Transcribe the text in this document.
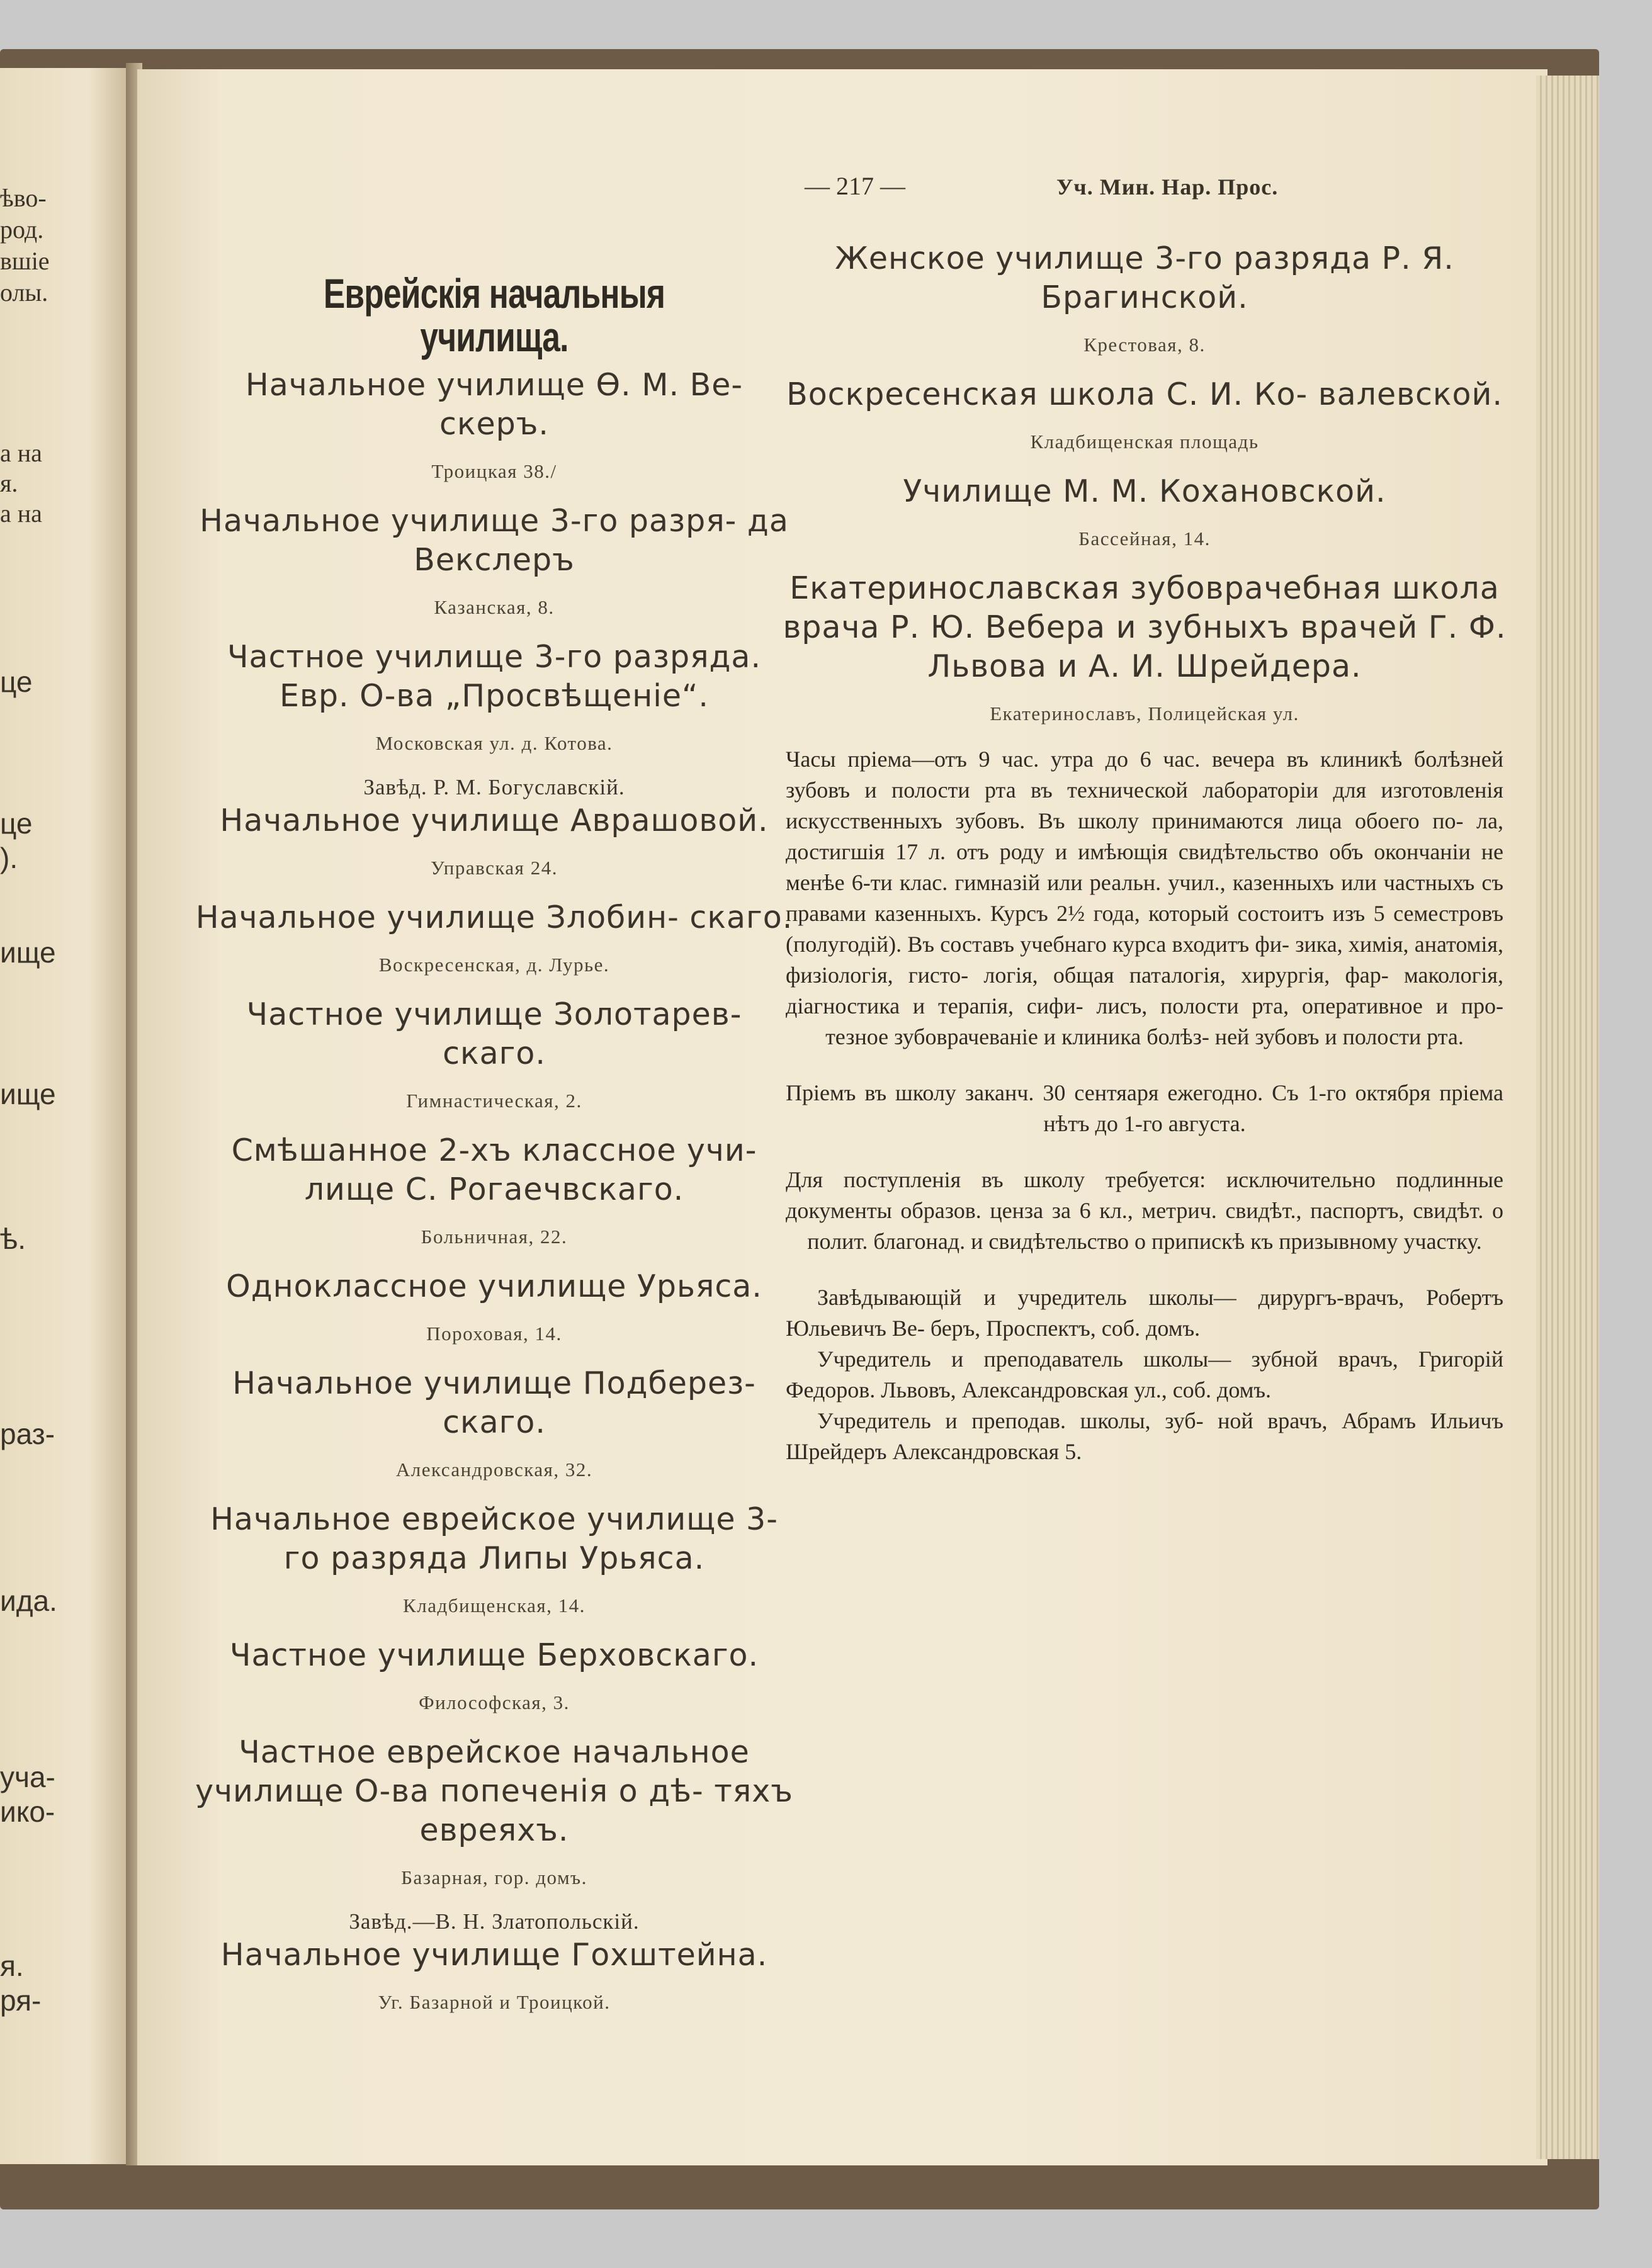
ѣво-
род.
вшіе
олы.
а на
я.
а на
це
це
).
ище
ище
ѣ.
раз-
ида.
уча-
ико-
я.
ря-
— 217 —	Уч. Мин. Нар. Прос.
Еврейскія начальныя училища.
Начальное училище Ѳ. М. Ве- скеръ.
Троицкая 38./
Начальное училище 3-го разря- да Векслеръ
Казанская, 8.
Частное училище 3-го разряда. Евр. О-ва „Просвѣщеніе“.
Московская ул. д. Котова.
Завѣд. Р. М. Богуславскій.
Начальное училище Аврашовой.
Управская 24.
Начальное училище Злобин- скаго.
Воскресенская, д. Лурье.
Частное училище Золотарев- скаго.
Гимнастическая, 2.
Смѣшанное 2-хъ классное учи- лище С. Рогаечвскаго.
Больничная, 22.
Одноклассное училище Урьяса.
Пороховая, 14.
Начальное училище Подберез- скаго.
Александровская, 32.
Начальное еврейское училище 3-го разряда Липы Урьяса.
Кладбищенская, 14.
Частное училище Берховскаго.
Философская, 3.
Частное еврейское начальное училище О-ва попеченія о дѣ- тяхъ евреяхъ.
Базарная, гор. домъ.
Завѣд.—В. Н. Златопольскій.
Начальное училище Гохштейна.
Уг. Базарной и Троицкой.
Женское училище 3-го разряда Р. Я. Брагинской.
Крестовая, 8.
Воскресенская школа С. И. Ко- валевской.
Кладбищенская площадь
Училище М. М. Кохановской.
Бассейная, 14.
Екатеринославская зубоврачебная школа врача Р. Ю. Вебера и зубныхъ врачей Г. Ф. Львова и А. И. Шрейдера.
Екатеринославъ, Полицейская ул.
Часы пріема—отъ 9 час. утра до 6 час. вечера въ клиникѣ болѣзней зубовъ и полости рта въ технической лабораторіи для изготовленія искусственныхъ зубовъ. Въ школу принимаются лица обоего по- ла, достигшія 17 л. отъ роду и имѣющія свидѣтельство объ окончаніи не менѣе 6-ти клас. гимназій или реальн. учил., казенныхъ или частныхъ съ правами казенныхъ. Курсъ 2½ года, который состоитъ изъ 5 семестровъ (полугодій). Въ составъ учебнаго курса входитъ фи- зика, химія, анатомія, физіологія, гисто- логія, общая паталогія, хирургія, фар- макологія, діагностика и терапія, сифи- лисъ, полости рта, оперативное и про- тезное зубоврачеваніе и клиника болѣз- ней зубовъ и полости рта.
Пріемъ въ школу заканч. 30 сентяаря ежегодно. Съ 1-го октября пріема нѣтъ до 1-го августа.
Для поступленія въ школу требуется: исключительно подлинные документы образов. ценза за 6 кл., метрич. свидѣт., паспортъ, свидѣт. о полит. благонад. и свидѣтельство о припискѣ къ призывному участку.
Завѣдывающій и учредитель школы— дирургъ-врачъ, Робертъ Юльевичъ Ве- беръ, Проспектъ, соб. домъ.
Учредитель и преподаватель школы— зубной врачъ, Григорій Федоров. Львовъ, Александровская ул., соб. домъ.
Учредитель и преподав. школы, зуб- ной врачъ, Абрамъ Ильичъ Шрейдеръ Александровская 5.
